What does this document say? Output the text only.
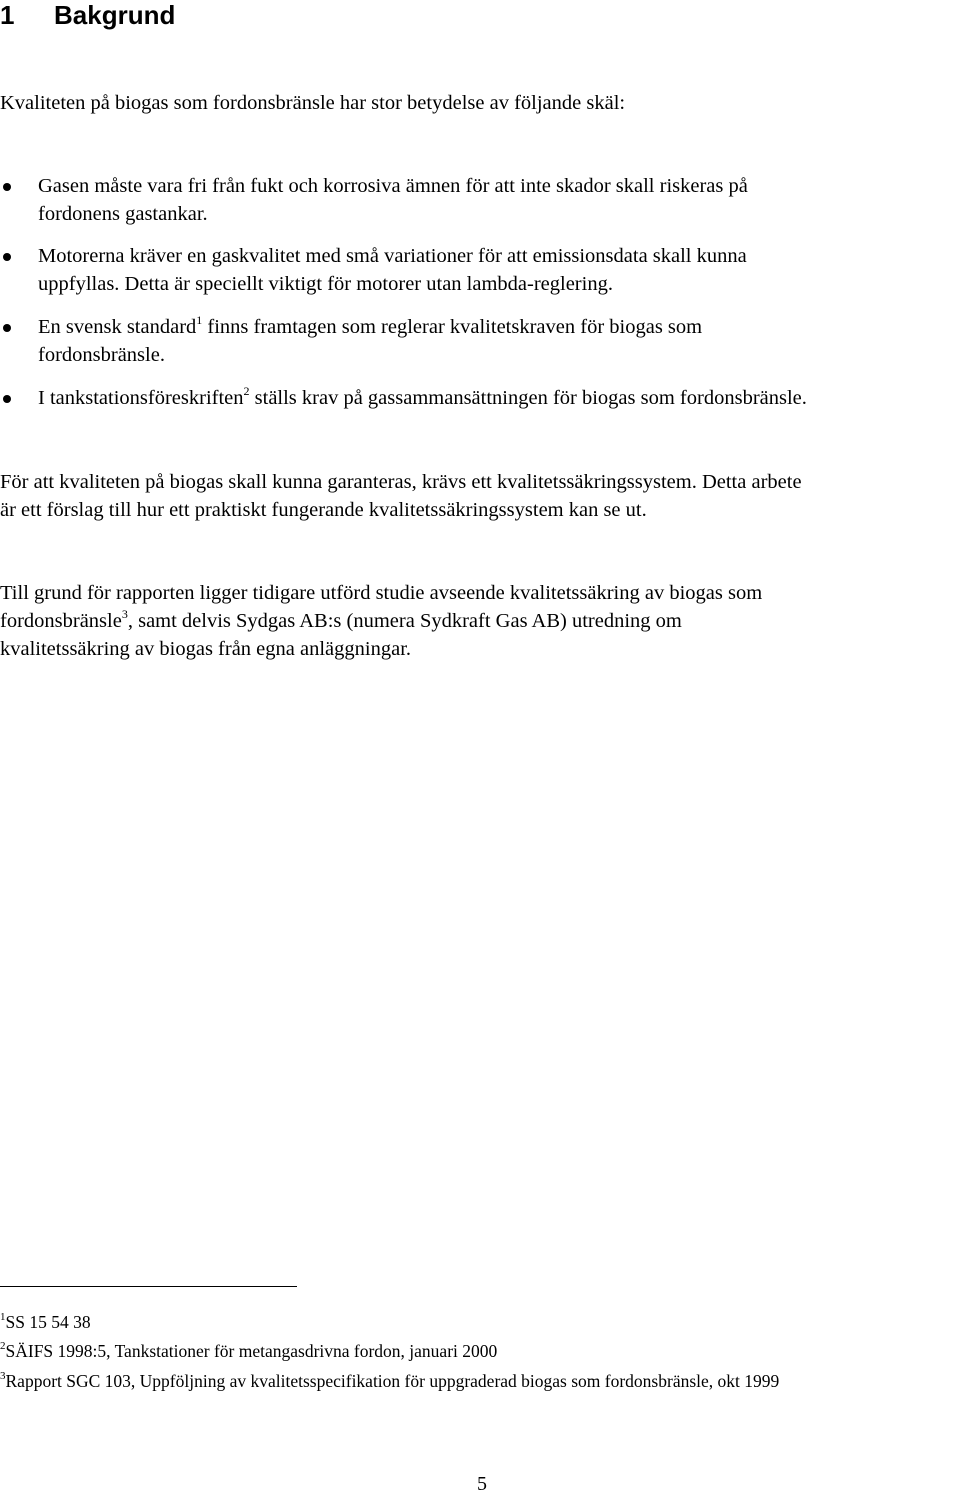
1 Bakgrund
Kvaliteten på biogas som fordonsbränsle har stor betydelse av följande skäl:
Gasen måste vara fri från fukt och korrosiva ämnen för att inte skador skall riskeras på
fordonens gastankar.
Motorerna kräver en gaskvalitet med små variationer för att emissionsdata skall kunna
uppfyllas. Detta är speciellt viktigt för motorer utan lambda-reglering.
En svensk standard$^1$ finns framtagen som reglerar kvalitetskraven för biogas som
fordonsbränsle.
I tankstationsföreskriften$^2$ ställs krav på gassammansättningen för biogas som fordonsbränsle.
För att kvaliteten på biogas skall kunna garanteras, krävs ett kvalitetssäkringssystem. Detta arbete
är ett förslag till hur ett praktiskt fungerande kvalitetssäkringssystem kan se ut.
Till grund för rapporten ligger tidigare utförd studie avseende kvalitetssäkring av biogas som
fordonsbränsle$^3$, samt delvis Sydgas AB:s (numera Sydkraft Gas AB) utredning om
kvalitetssäkring av biogas från egna anläggningar.
$^1$SS 15 54 38
$^2$SÄIFS 1998:5, Tankstationer för metangasdrivna fordon, januari 2000
$^3$Rapport SGC 103, Uppföljning av kvalitetsspecifikation för uppgraderad biogas som fordonsbränsle, okt 1999
5
